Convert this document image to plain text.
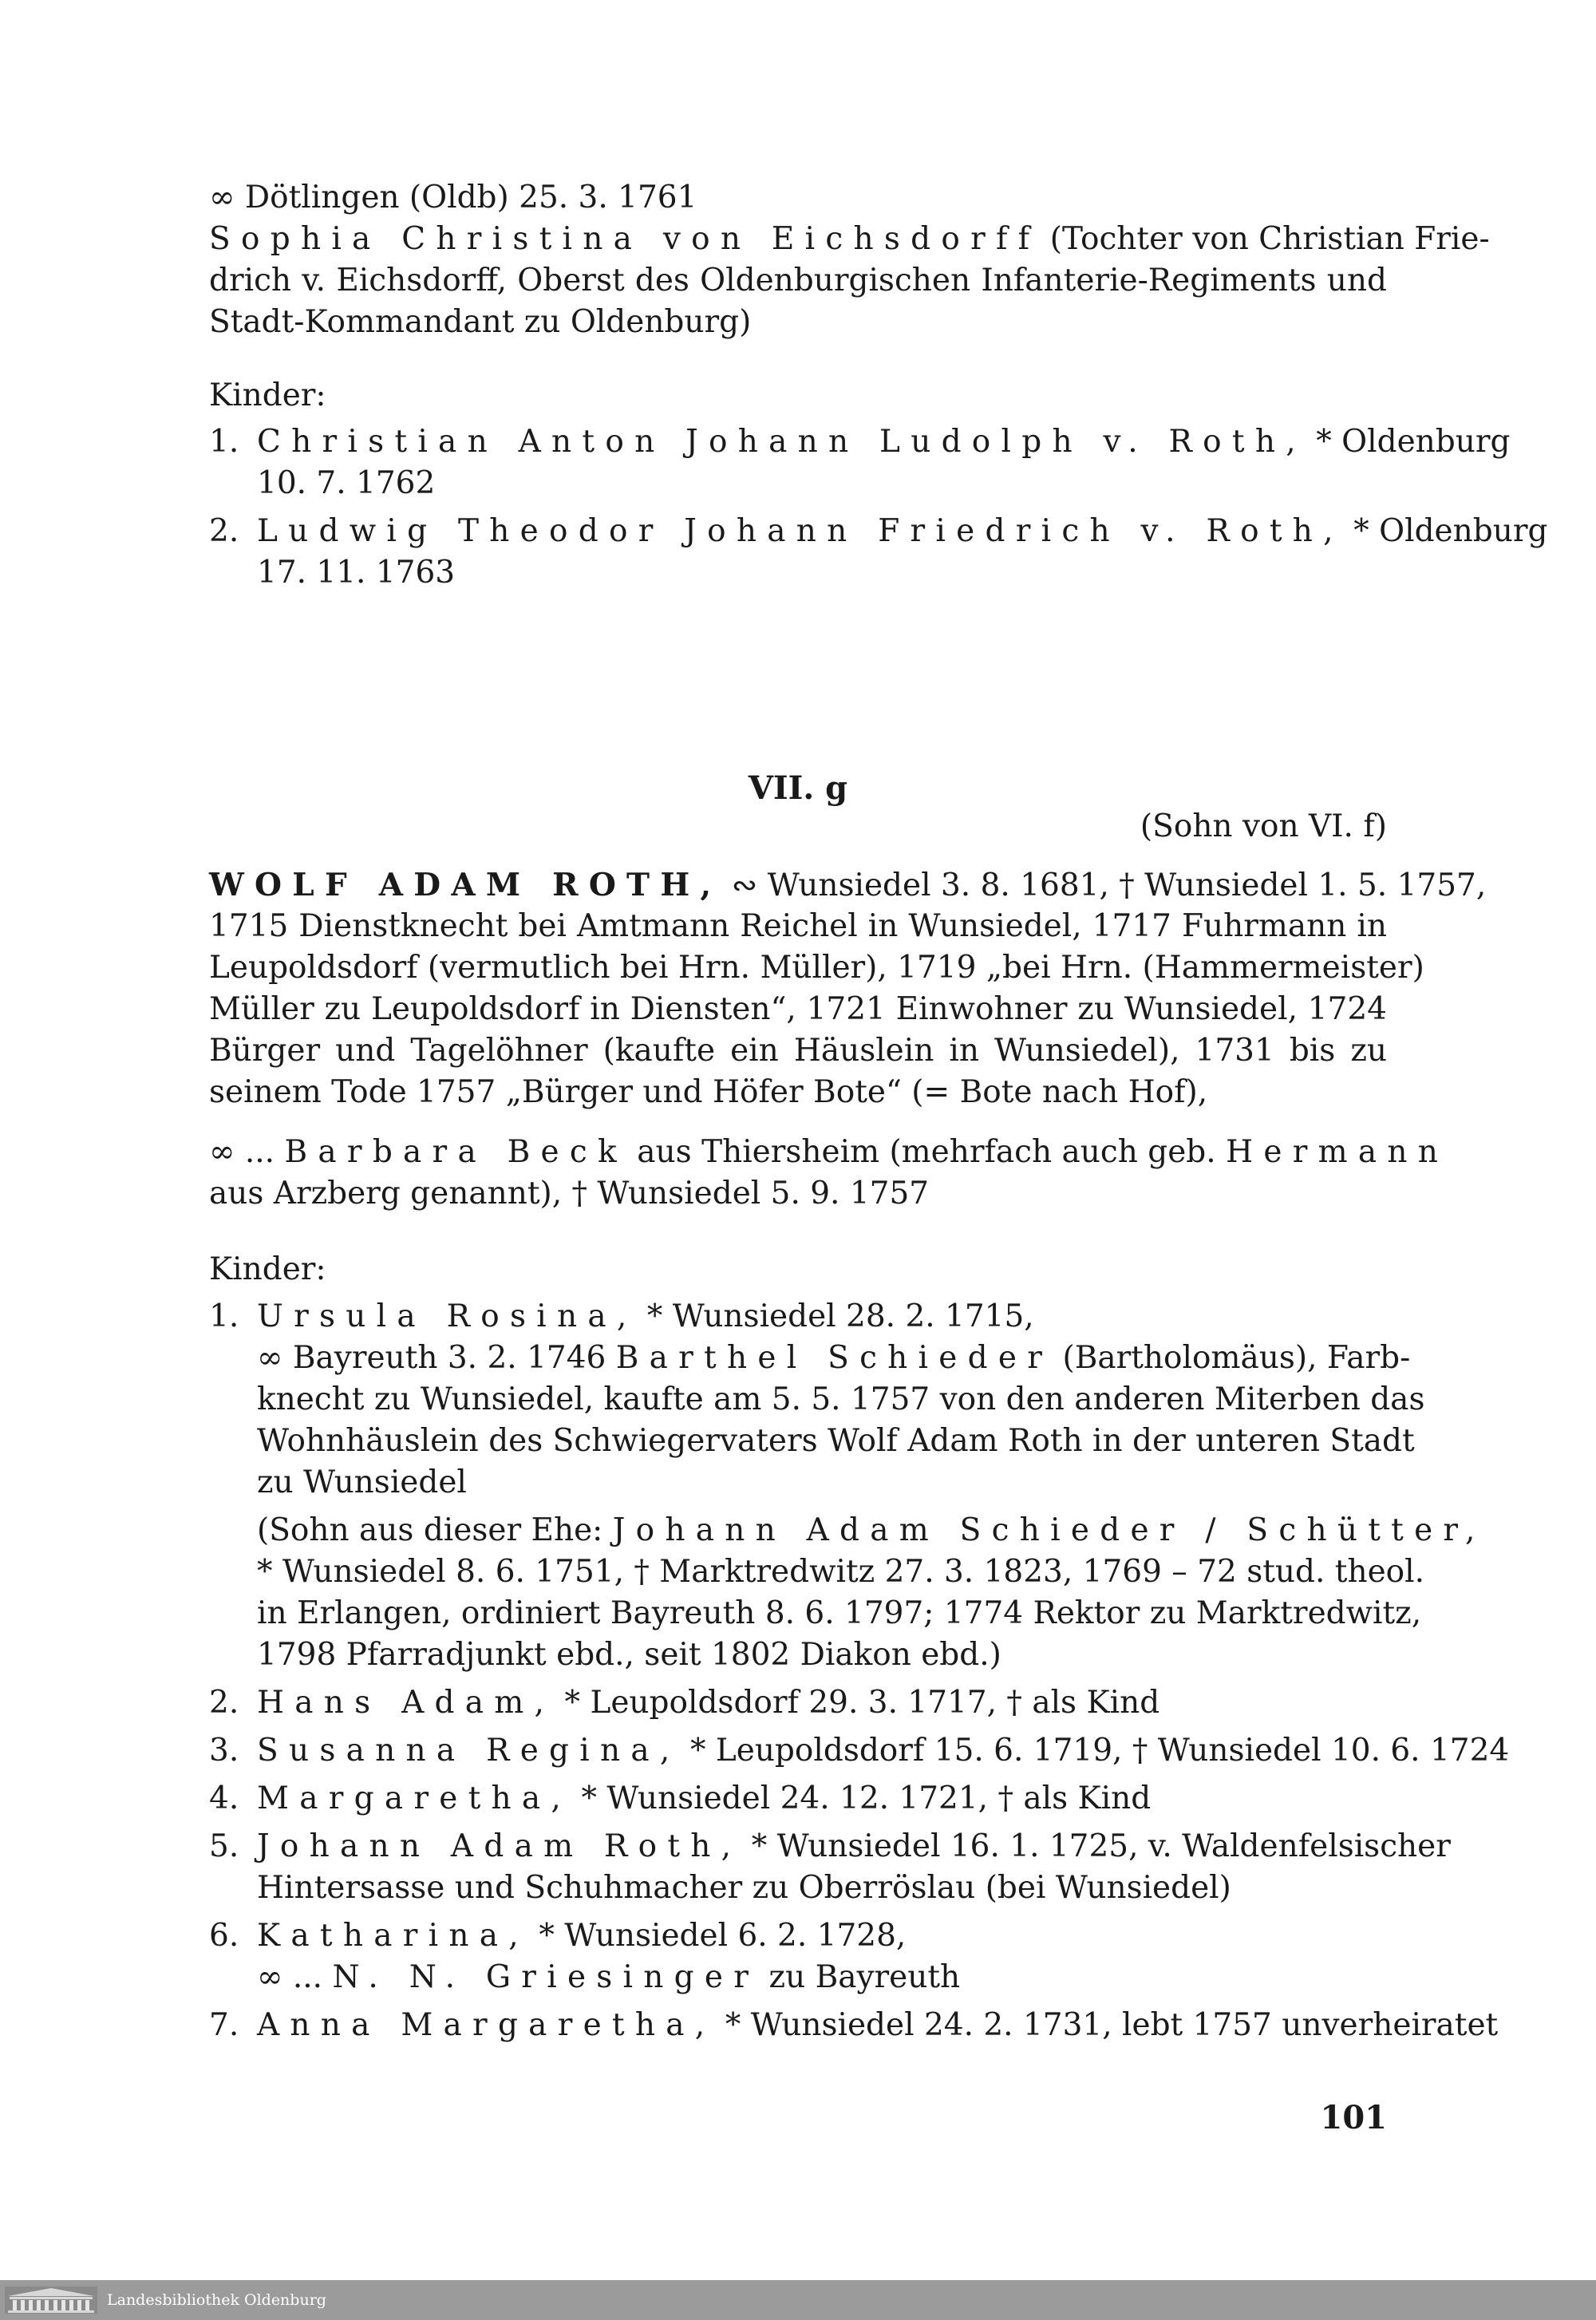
∞ Dötlingen (Oldb) 25. 3. 1761

Sophia Christina von Eichsdorff (Tochter von Christian Frie-

drich v. Eichsdorff, Oberst des Oldenburgischen Infanterie-Regiments und

Stadt-Kommandant zu Oldenburg)

Kinder:

1. Christian Anton Johann Ludolph v. Roth, * Oldenburg

10. 7. 1762

2. Ludwig Theodor Johann Friedrich v. Roth, * Oldenburg

17. 11. 1763

VII. g

(Sohn von VI. f)

WOLF ADAM ROTH, ∾ Wunsiedel 3. 8. 1681, † Wunsiedel 1. 5. 1757,

1715 Dienstknecht bei Amtmann Reichel in Wunsiedel, 1717 Fuhrmann in

Leupoldsdorf (vermutlich bei Hrn. Müller), 1719 „bei Hrn. (Hammermeister)

Müller zu Leupoldsdorf in Diensten“, 1721 Einwohner zu Wunsiedel, 1724

Bürger und Tagelöhner (kaufte ein Häuslein in Wunsiedel), 1731 bis zu

seinem Tode 1757 „Bürger und Höfer Bote“ (= Bote nach Hof),

∞ ... Barbara Beck aus Thiersheim (mehrfach auch geb. Hermann

aus Arzberg genannt), † Wunsiedel 5. 9. 1757

Kinder:

1. Ursula Rosina, * Wunsiedel 28. 2. 1715,

∞ Bayreuth 3. 2. 1746 Barthel Schieder (Bartholomäus), Farb-

knecht zu Wunsiedel, kaufte am 5. 5. 1757 von den anderen Miterben das

Wohnhäuslein des Schwiegervaters Wolf Adam Roth in der unteren Stadt

zu Wunsiedel

(Sohn aus dieser Ehe: Johann Adam Schieder / Schütter,

* Wunsiedel 8. 6. 1751, † Marktredwitz 27. 3. 1823, 1769 – 72 stud. theol.

in Erlangen, ordiniert Bayreuth 8. 6. 1797; 1774 Rektor zu Marktredwitz,

1798 Pfarradjunkt ebd., seit 1802 Diakon ebd.)

2. Hans Adam, * Leupoldsdorf 29. 3. 1717, † als Kind

3. Susanna Regina, * Leupoldsdorf 15. 6. 1719, † Wunsiedel 10. 6. 1724

4. Margaretha, * Wunsiedel 24. 12. 1721, † als Kind

5. Johann Adam Roth, * Wunsiedel 16. 1. 1725, v. Waldenfelsischer

Hintersasse und Schuhmacher zu Oberröslau (bei Wunsiedel)

6. Katharina, * Wunsiedel 6. 2. 1728,

∞ ... N. N. Griesinger zu Bayreuth

7. Anna Margaretha, * Wunsiedel 24. 2. 1731, lebt 1757 unverheiratet

101
Landesbibliothek Oldenburg
